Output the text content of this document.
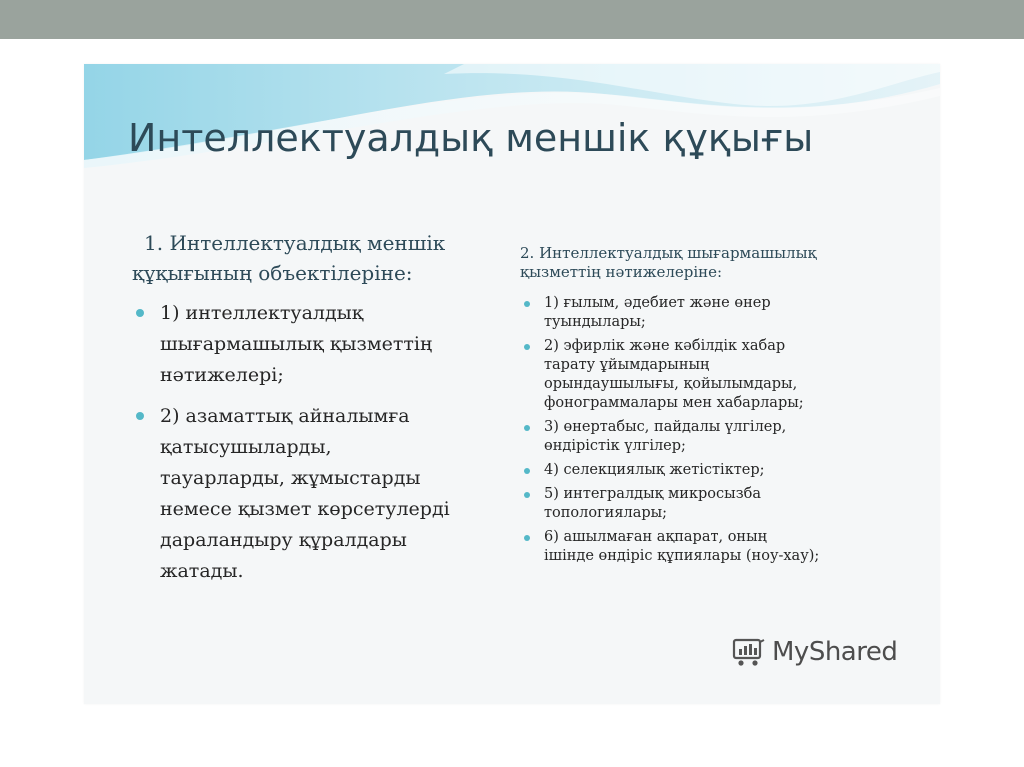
Интеллектуалдық меншік құқығы
1. Интеллектуалдық меншік
құқығының объектілеріне:
1) интеллектуалдық
шығармашылық қызметтің
нәтижелері;
2) азаматтық айналымға
қатысушыларды,
тауарларды, жұмыстарды
немесе қызмет көрсетулерді
дараландыру құралдары
жатады.
2. Интеллектуалдық шығармашылық
қызметтің нәтижелеріне:
1) ғылым, әдебиет және өнер
туындылары;
2) эфирлік және кәбілдік хабар
тарату ұйымдарының
орындаушылығы, қойылымдары,
фонограммалары мен хабарлары;
3) өнертабыс, пайдалы үлгілер,
өндірістік үлгілер;
4) селекциялық жетістіктер;
5) интегралдық микросызба
топологиялары;
6) ашылмаған ақпарат, оның
ішінде өндіріс құпиялары (ноу-хау);
MyShared
